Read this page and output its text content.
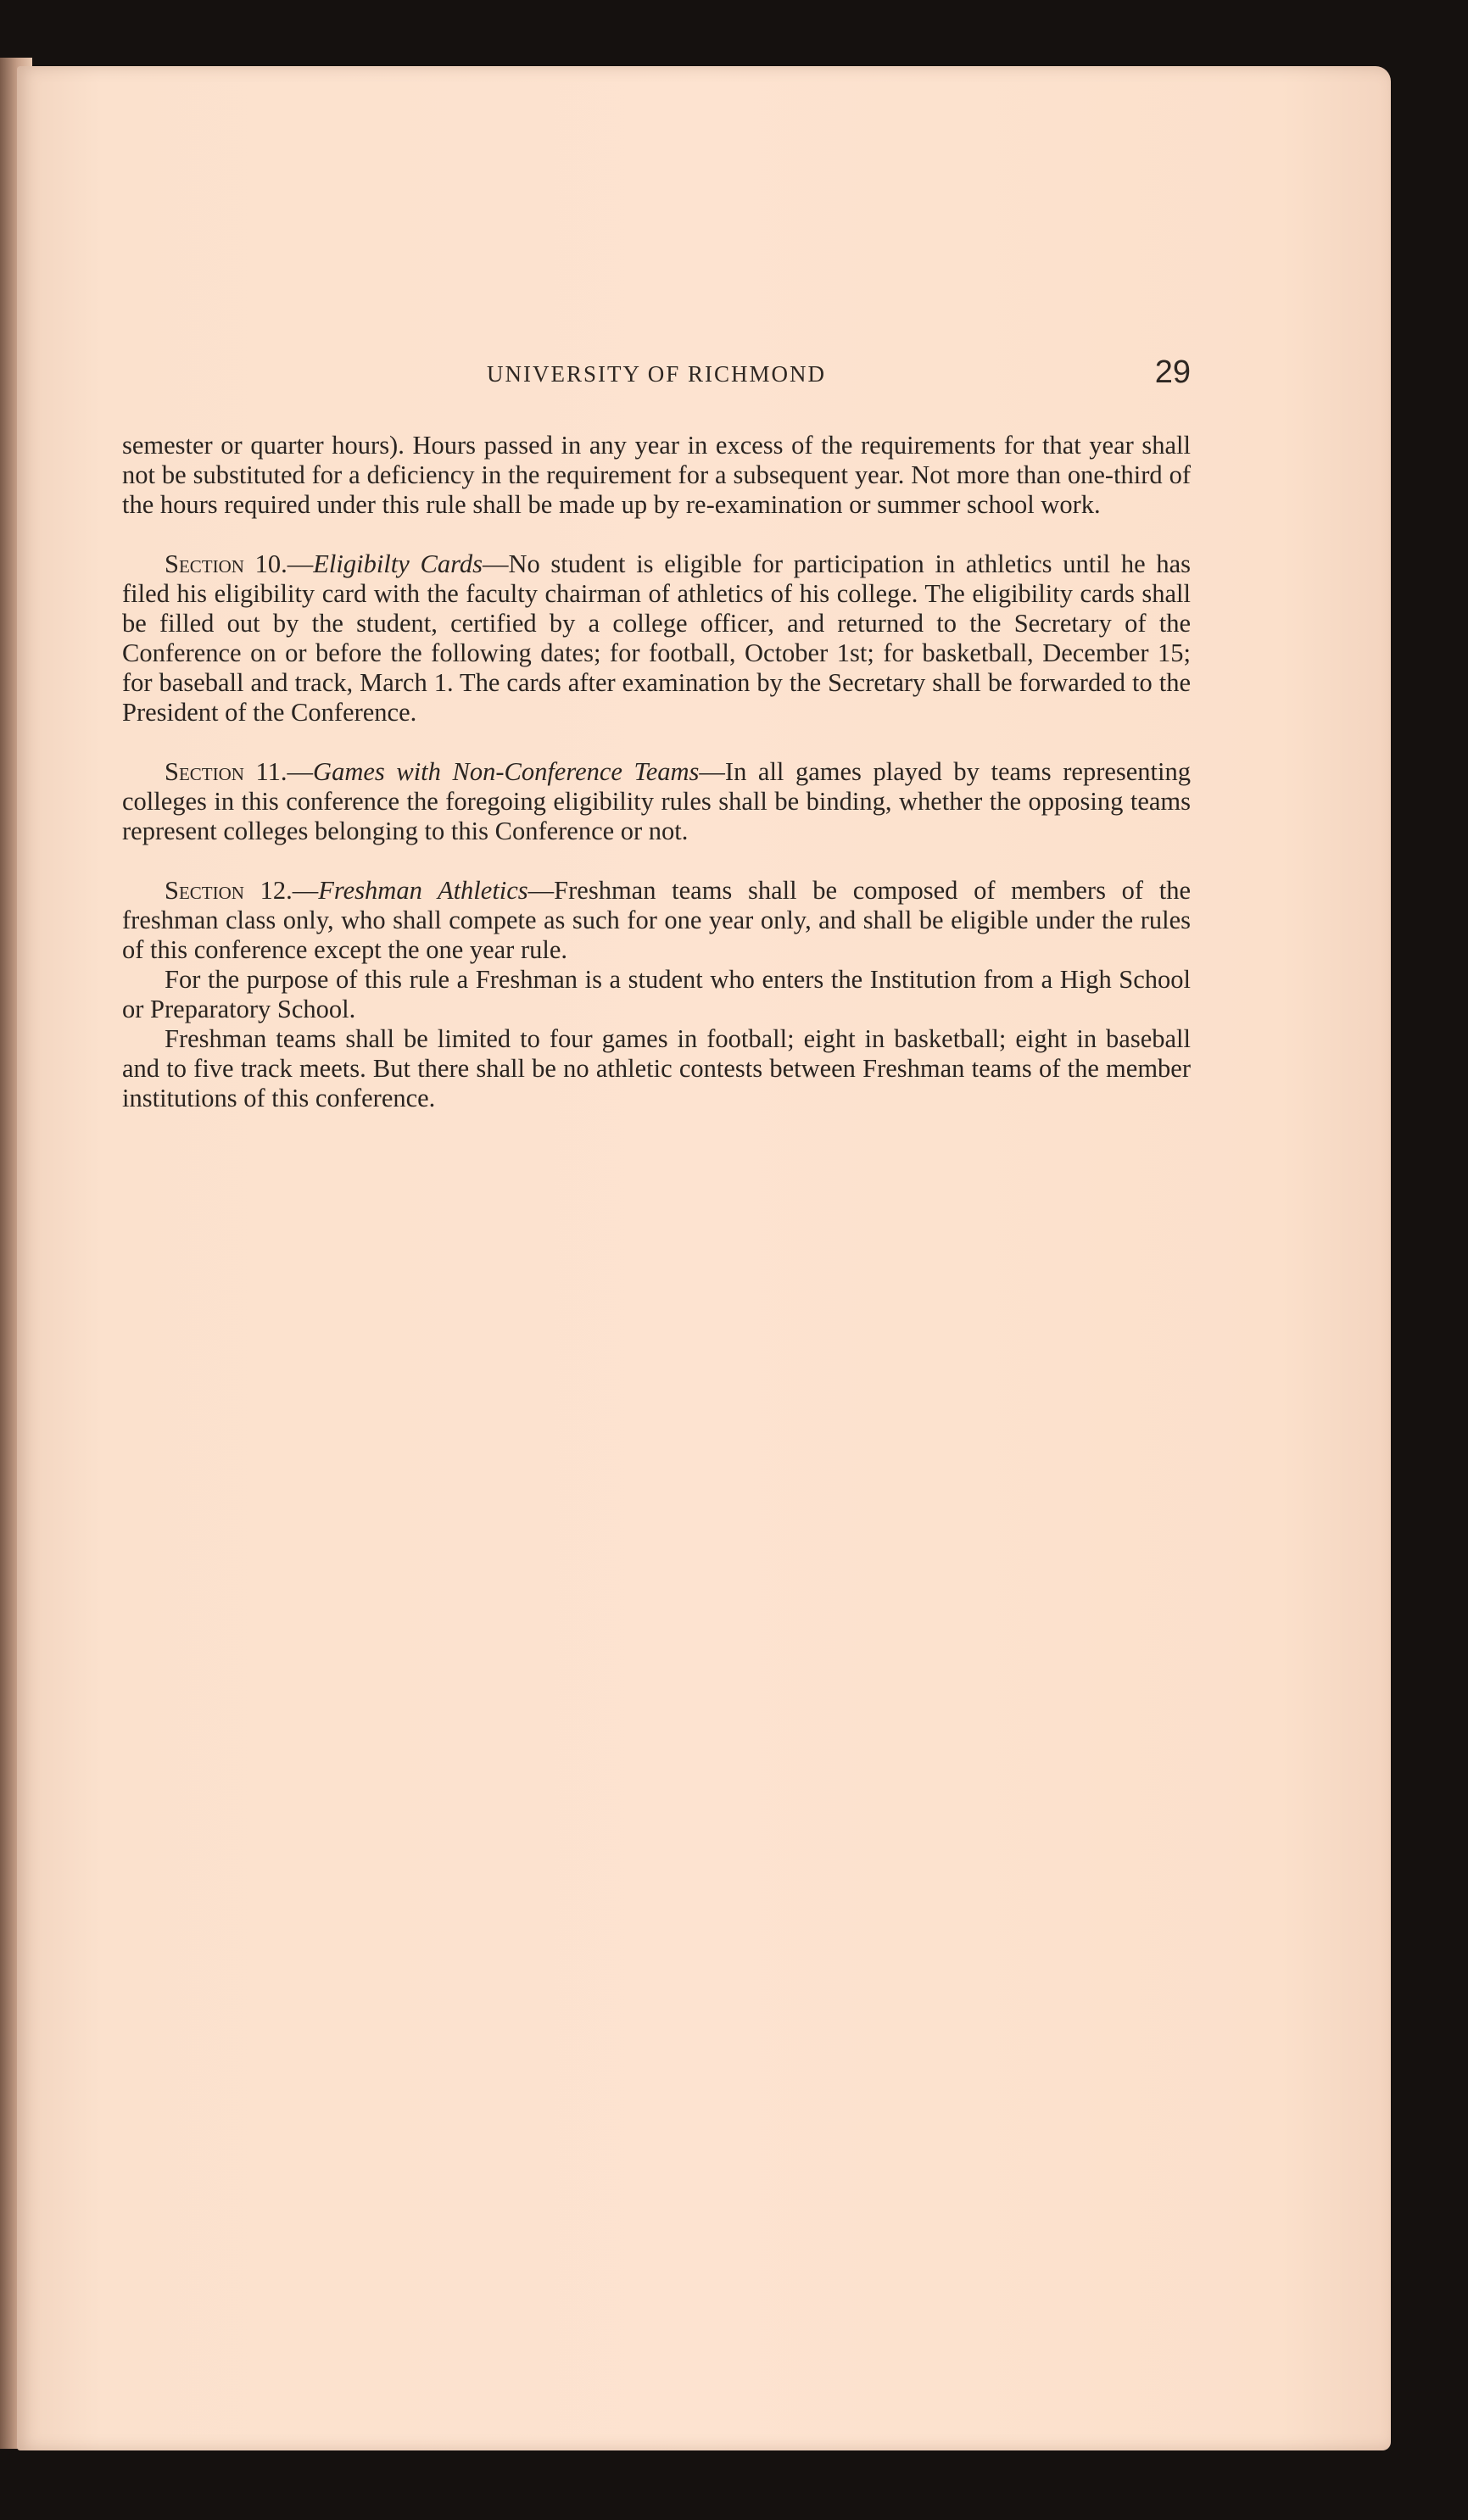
UNIVERSITY OF RICHMOND	29

semester or quarter hours). Hours passed in any year in excess of the requirements for that year shall not be substituted for a deficiency in the requirement for a subsequent year. Not more than one-third of the hours required under this rule shall be made up by re-examination or summer school work.

Section 10.—Eligibilty Cards—No student is eligible for participation in athletics until he has filed his eligibility card with the faculty chairman of athletics of his college. The eligibility cards shall be filled out by the student, certified by a college officer, and returned to the Secretary of the Conference on or before the following dates; for football, October 1st; for basketball, December 15; for baseball and track, March 1. The cards after examination by the Secretary shall be forwarded to the President of the Conference.

Section 11.—Games with Non-Conference Teams—In all games played by teams representing colleges in this conference the foregoing eligibility rules shall be binding, whether the opposing teams represent colleges belonging to this Conference or not.

Section 12.—Freshman Athletics—Freshman teams shall be composed of members of the freshman class only, who shall compete as such for one year only, and shall be eligible under the rules of this conference except the one year rule.

For the purpose of this rule a Freshman is a student who enters the Institution from a High School or Preparatory School.

Freshman teams shall be limited to four games in football; eight in basketball; eight in baseball and to five track meets. But there shall be no athletic contests between Freshman teams of the member institutions of this conference.
